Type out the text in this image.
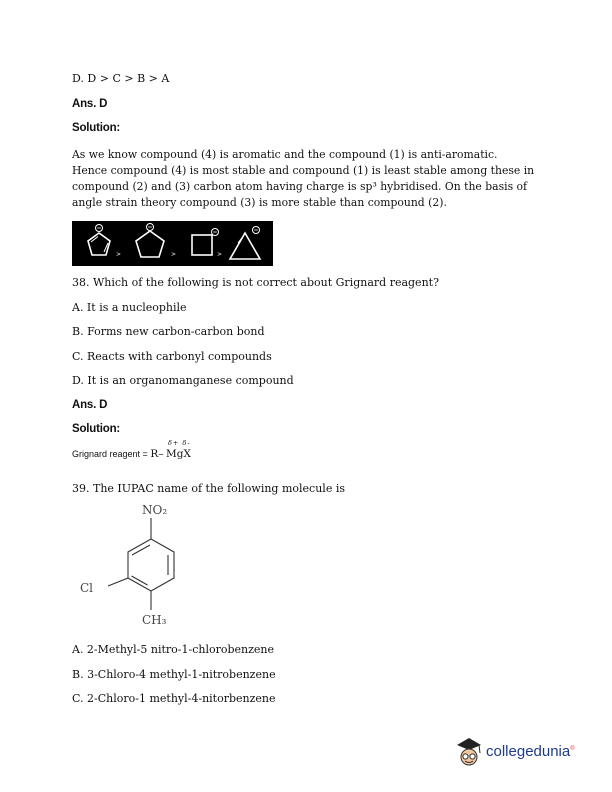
D. D > C > B > A
Ans. D
Solution:
As we know compound (4) is aromatic and the compound (1) is anti-aromatic.
Hence compound (4) is most stable and compound (1) is least stable among these in
compound (2) and (3) carbon atom having charge is sp³ hybridised. On the basis of
angle strain theory compound (3) is more stable than compound (2).
>	>	>
38. Which of the following is not correct about Grignard reagent?
A. It is a nucleophile
B. Forms new carbon-carbon bond
C. Reacts with carbonyl compounds
D. It is an organomanganese compound
Ans. D
Solution:
Grignard reagent = R–
δ+ δ-
MgX
39. The IUPAC name of the following molecule is
NO₂
Cl
CH₃
A. 2-Methyl-5 nitro-1-chlorobenzene
B. 3-Chloro-4 methyl-1-nitrobenzene
C. 2-Chloro-1 methyl-4-nitorbenzene
collegedunia®
